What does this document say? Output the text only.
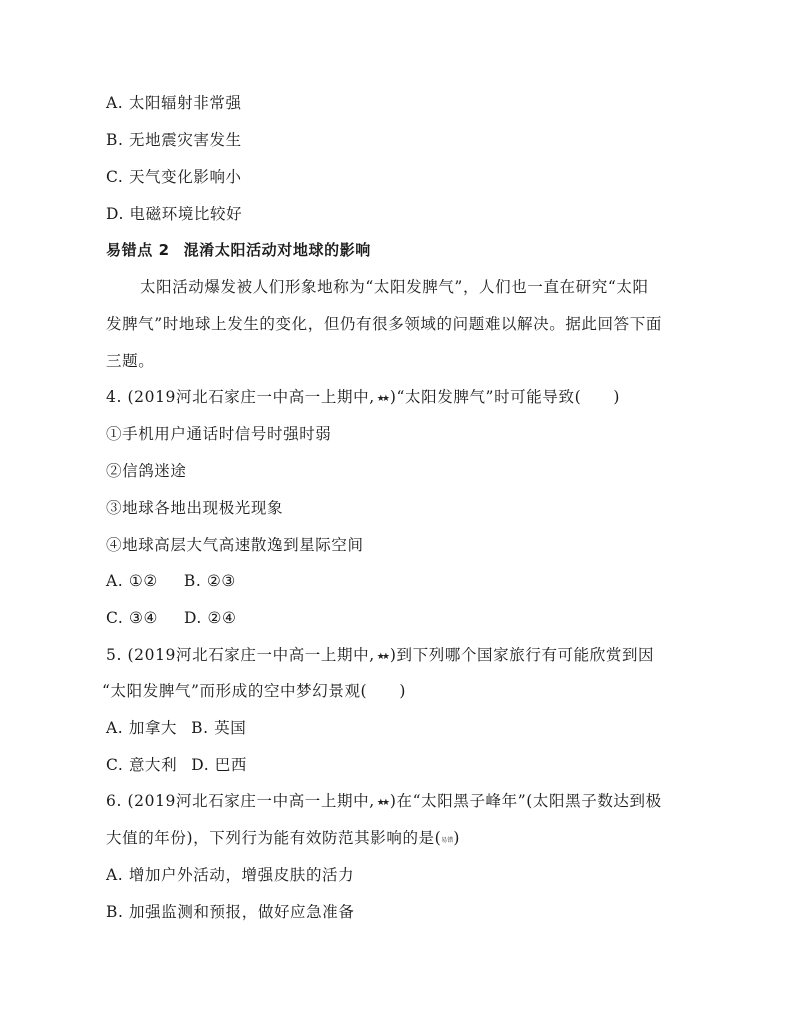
A. 太阳辐射非常强
B. 无地震灾害发生
C. 天气变化影响小
D. 电磁环境比较好
易错点 2 混淆太阳活动对地球的影响
太阳活动爆发被人们形象地称为“太阳发脾气”，人们也一直在研究“太阳
发脾气”时地球上发生的变化，但仍有很多领域的问题难以解决。据此回答下面
三题。
4. (2019河北石家庄一中高一上期中, ★★ )“太阳发脾气”时可能导致(　　)
①手机用户通话时信号时强时弱
②信鸽迷途
③地球各地出现极光现象
④地球高层大气高速散逸到星际空间
A. ①② B. ②③
C. ③④ D. ②④
5. (2019河北石家庄一中高一上期中, ★★ )到下列哪个国家旅行有可能欣赏到因
“太阳发脾气”而形成的空中梦幻景观(　　)
A. 加拿大 B. 英国
C. 意大利 D. 巴西
6. (2019河北石家庄一中高一上期中, ★★ )在“太阳黑子峰年”(太阳黑子数达到极
大值的年份)，下列行为能有效防范其影响的是(易错)
A. 增加户外活动，增强皮肤的活力
B. 加强监测和预报，做好应急准备
